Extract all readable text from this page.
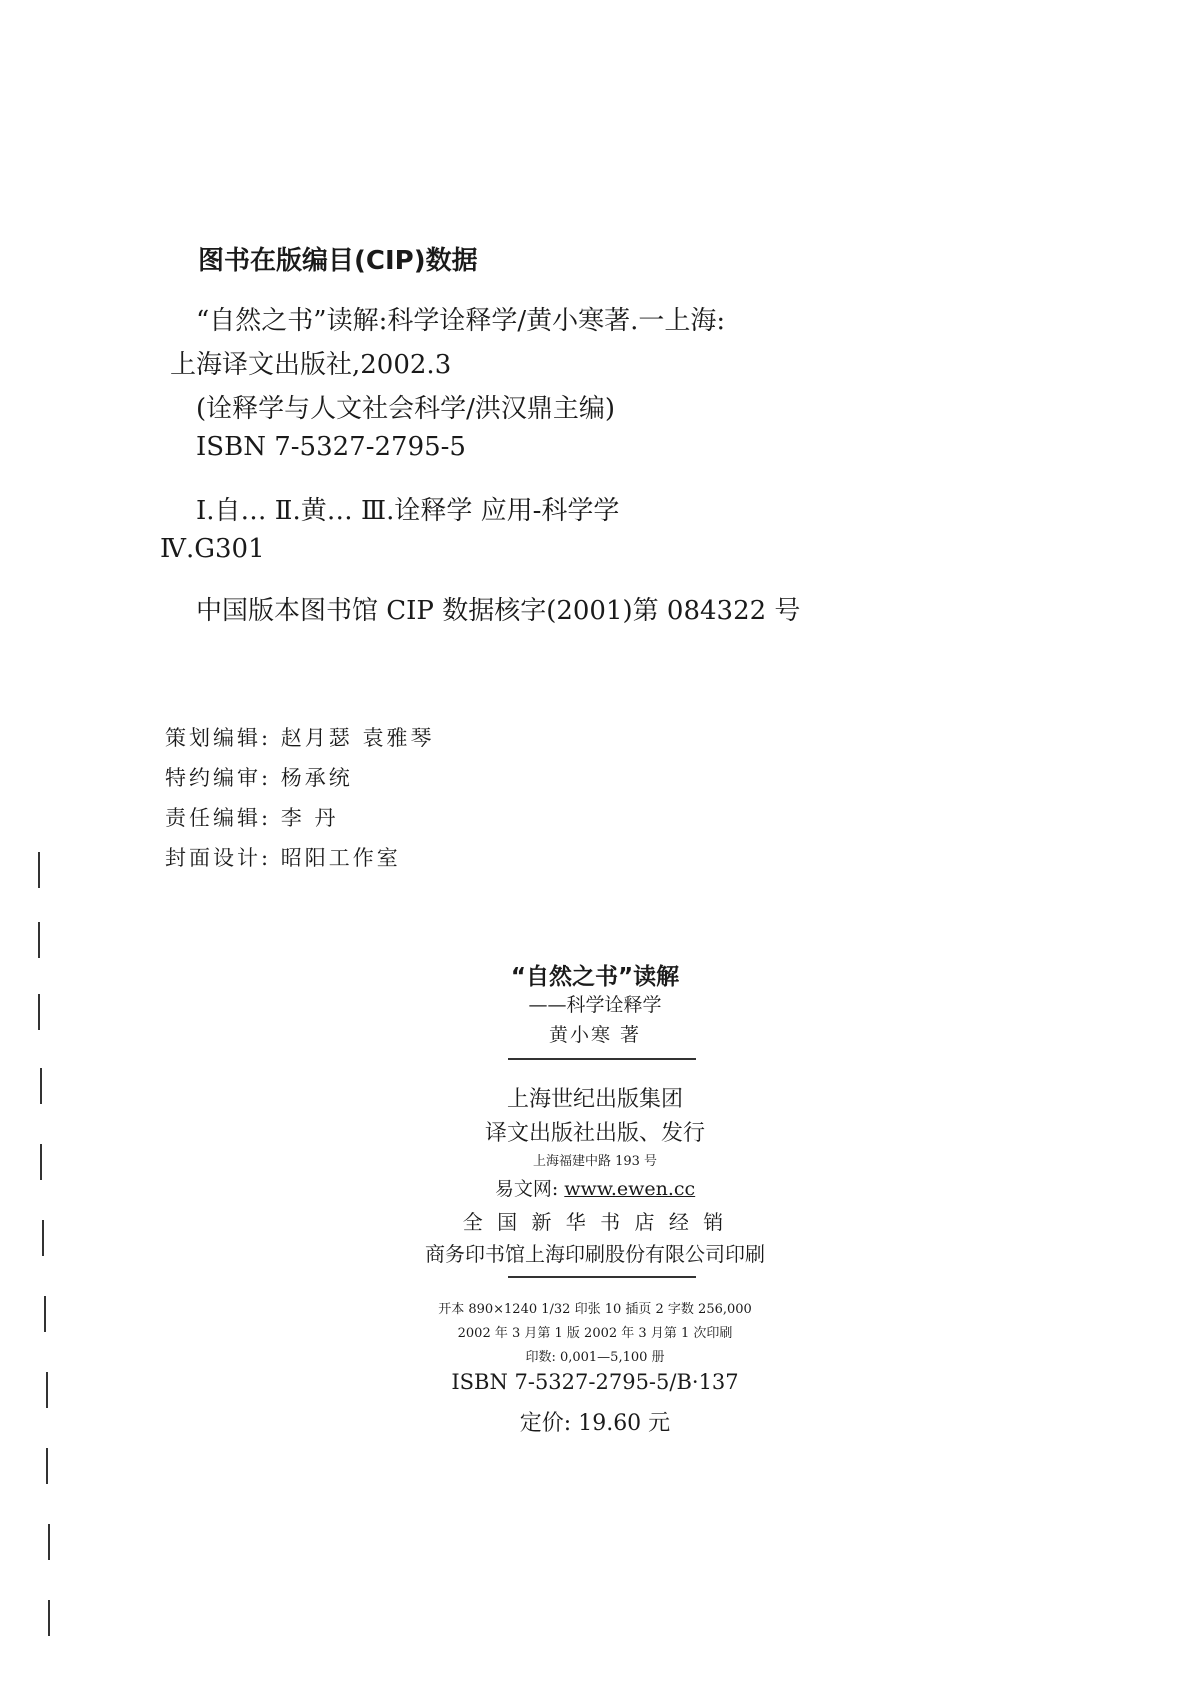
图书在版编目(CIP)数据
“自然之书”读解:科学诠释学/黄小寒著.一上海:
上海译文出版社,2002.3
(诠释学与人文社会科学/洪汉鼎主编)
ISBN 7-5327-2795-5
Ⅰ.自… Ⅱ.黄… Ⅲ.诠释学 应用-科学学
Ⅳ.G301
中国版本图书馆 CIP 数据核字(2001)第 084322 号
策划编辑: 赵月瑟 袁雅琴
特约编审: 杨承统
责任编辑: 李 丹
封面设计: 昭阳工作室
“自然之书”读解
——科学诠释学
黄小寒 著
上海世纪出版集团
译文出版社出版、发行
上海福建中路 193 号
易文网: www.ewen.cc
全 国 新 华 书 店 经 销
商务印书馆上海印刷股份有限公司印刷
开本 890×1240 1/32 印张 10 插页 2 字数 256,000
2002 年 3 月第 1 版 2002 年 3 月第 1 次印刷
印数: 0,001—5,100 册
ISBN 7-5327-2795-5/B·137
定价: 19.60 元
